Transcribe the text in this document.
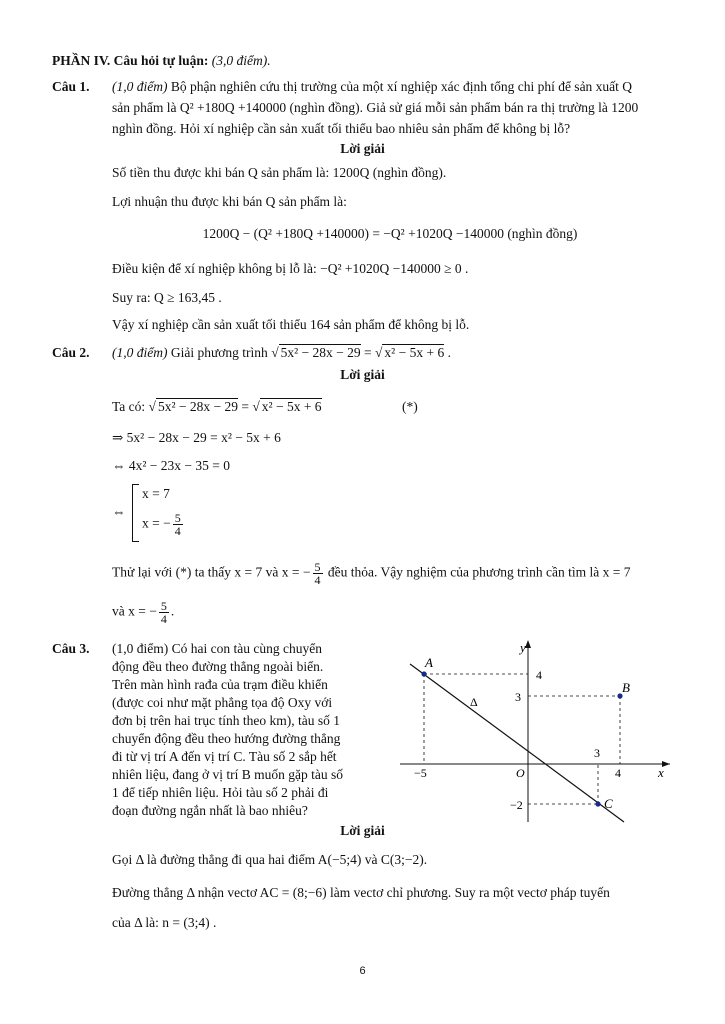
PHẦN IV. Câu hỏi tự luận: (3,0 điểm).
Câu 1. (1,0 điểm) Bộ phận nghiên cứu thị trường của một xí nghiệp xác định tổng chi phí để sản xuất Q
sản phẩm là Q² +180Q +140000 (nghìn đồng). Giả sử giá mỗi sản phẩm bán ra thị trường là 1200
nghìn đồng. Hỏi xí nghiệp cần sản xuất tối thiểu bao nhiêu sản phẩm để không bị lỗ?
Lời giải
Số tiền thu được khi bán Q sản phẩm là: 1200Q (nghìn đồng).
Lợi nhuận thu được khi bán Q sản phẩm là:
1200Q − (Q² +180Q +140000) = −Q² +1020Q −140000 (nghìn đồng)
Điều kiện để xí nghiệp không bị lỗ là: −Q² +1020Q −140000 ≥ 0 .
Suy ra: Q ≥ 163,45 .
Vậy xí nghiệp cần sản xuất tối thiểu 164 sản phẩm để không bị lỗ.
Câu 2. (1,0 điểm) Giải phương trình √ 5x² − 28x − 29 = √ x² − 5x + 6 .
Lời giải
Ta có: √ 5x² − 28x − 29 = √ x² − 5x + 6	(*)
⇒ 5x² − 28x − 29 = x² − 5x + 6
⇔ 4x² − 23x − 35 = 0
⇔
x = 7
x = − $\frac{5}{4}$
Thử lại với (*) ta thấy x = 7 và x = − $\frac{5}{4}$ đều thỏa. Vậy nghiệm của phương trình cần tìm là x = 7
và x = − $\frac{5}{4}$ .
Câu 3. (1,0 điểm) Có hai con tàu cùng chuyển
động đều theo đường thẳng ngoài biển.
Trên màn hình rađa của trạm điều khiển
(được coi như mặt phẳng tọa độ Oxy với
đơn bị trên hai trục tính theo km), tàu số 1
chuyển động đều theo hướng đường thẳng
đi từ vị trí A đến vị trí C. Tàu số 2 sắp hết
nhiên liệu, đang ở vị trí B muốn gặp tàu số
1 để tiếp nhiên liệu. Hỏi tàu số 2 phải đi
đoạn đường ngắn nhất là bao nhiêu?
Lời giải
Gọi Δ là đường thẳng đi qua hai điểm A(−5;4) và C(3;−2).
Đường thẳng Δ nhận vectơ AC = (8;−6) làm vectơ chỉ phương. Suy ra một vectơ pháp tuyến
của Δ là: n = (3;4) .
y
x
O
A
B
C
Δ
4
3
−2
−5
3
4
6
